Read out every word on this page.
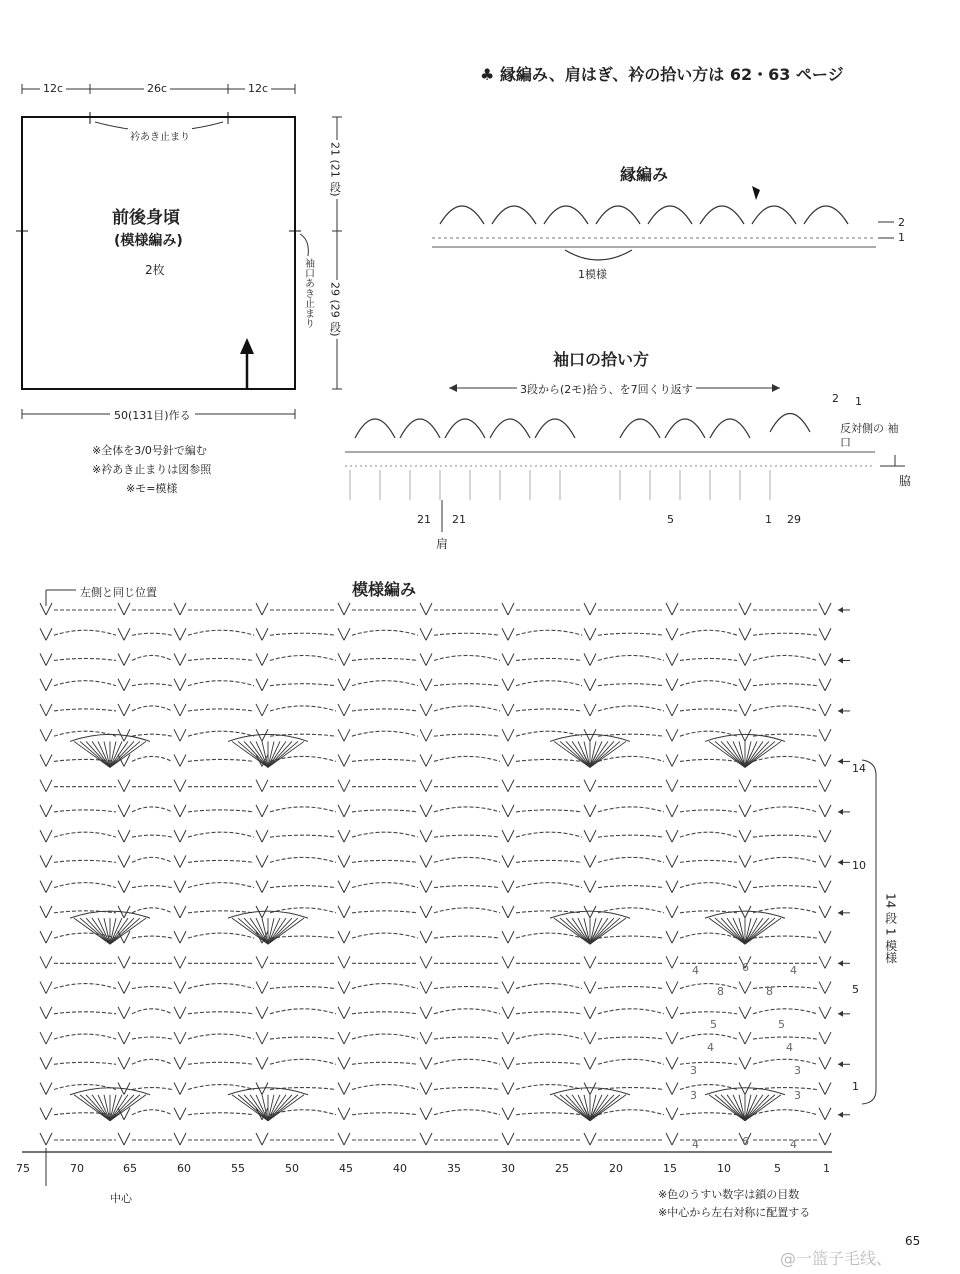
♣ 縁編み、肩はぎ、衿の拾い方は 62・63 ページ
12c	26c	12c
衿あき止まり
前後身頃
(模様編み)
2枚
21 (21 段)
29 (29 段)
袖口あき止まり
50(131目)作る
※全体を3/0号針で編む
※衿あき止まりは図参照
※モ=模様
縁編み
2
1
1模様
袖口の拾い方
3段から(2モ)拾う、を7回くり返す
2 1
反対側の 袖口
脇
肩
21 21	5	1 29
模様編み
左側と同じ位置
14
10
5
1
14 段 1 模様
75	70	65	60	55	50	45	40	35	30	25	20	15	10	5	1
中心
4	6	4
8	8
5	5
4	4
3	3
3	3
4	6	4
※色のうすい数字は鎖の目数
※中心から左右対称に配置する
65
@一篮子毛线、
